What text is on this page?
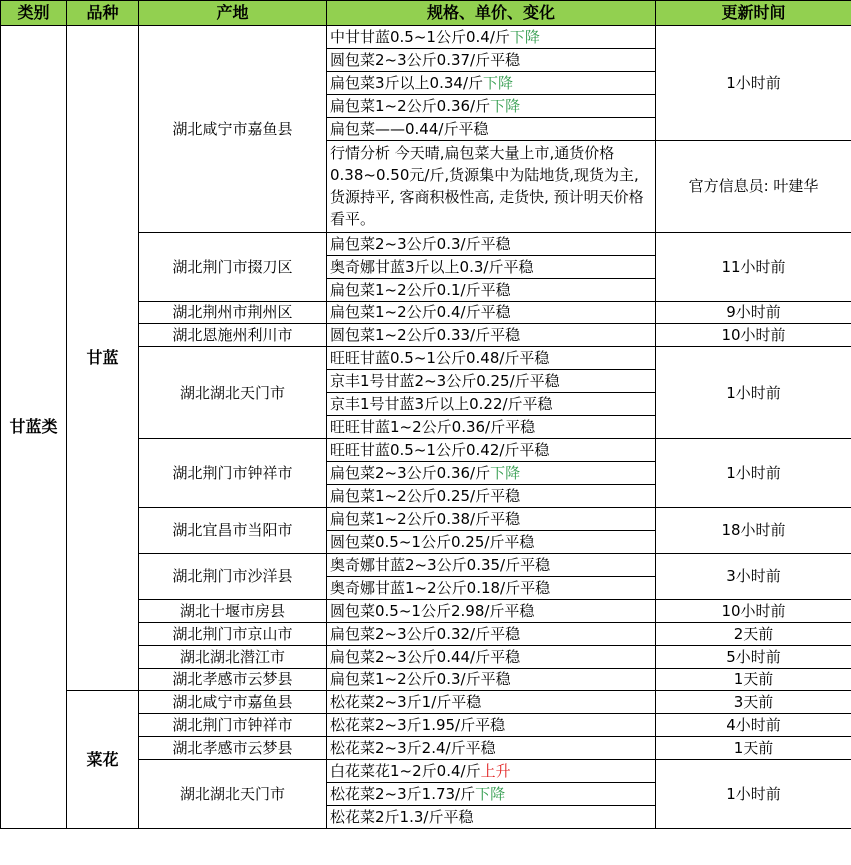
类别	品种	产地	规格、单价、变化	更新时间
甘蓝类	甘蓝	湖北咸宁市嘉鱼县	中甘甘蓝0.5~1公斤0.4/斤下降	1小时前
			圆包菜2~3公斤0.37/斤平稳	
			扁包菜3斤以上0.34/斤下降	
			扁包菜1~2公斤0.36/斤下降	
			扁包菜——0.44/斤平稳	
			行情分析 今天晴,扁包菜大量上市,通货价格0.38~0.50元/斤,货源集中为陆地货,现货为主, 货源持平, 客商积极性高, 走货快, 预计明天价格看平。	官方信息员: 叶建华
		湖北荆门市掇刀区	扁包菜2~3公斤0.3/斤平稳	11小时前
			奥奇娜甘蓝3斤以上0.3/斤平稳	
			扁包菜1~2公斤0.1/斤平稳	
		湖北荆州市荆州区	扁包菜1~2公斤0.4/斤平稳	9小时前
		湖北恩施州利川市	圆包菜1~2公斤0.33/斤平稳	10小时前
		湖北湖北天门市	旺旺甘蓝0.5~1公斤0.48/斤平稳	1小时前
			京丰1号甘蓝2~3公斤0.25/斤平稳	
			京丰1号甘蓝3斤以上0.22/斤平稳	
			旺旺甘蓝1~2公斤0.36/斤平稳	
		湖北荆门市钟祥市	旺旺甘蓝0.5~1公斤0.42/斤平稳	1小时前
			扁包菜2~3公斤0.36/斤下降	
			扁包菜1~2公斤0.25/斤平稳	
		湖北宜昌市当阳市	扁包菜1~2公斤0.38/斤平稳	18小时前
			圆包菜0.5~1公斤0.25/斤平稳	
		湖北荆门市沙洋县	奥奇娜甘蓝2~3公斤0.35/斤平稳	3小时前
			奥奇娜甘蓝1~2公斤0.18/斤平稳	
		湖北十堰市房县	圆包菜0.5~1公斤2.98/斤平稳	10小时前
		湖北荆门市京山市	扁包菜2~3公斤0.32/斤平稳	2天前
		湖北湖北潜江市	扁包菜2~3公斤0.44/斤平稳	5小时前
		湖北孝感市云梦县	扁包菜1~2公斤0.3/斤平稳	1天前
	菜花	湖北咸宁市嘉鱼县	松花菜2~3斤1/斤平稳	3天前
		湖北荆门市钟祥市	松花菜2~3斤1.95/斤平稳	4小时前
		湖北孝感市云梦县	松花菜2~3斤2.4/斤平稳	1天前
		湖北湖北天门市	白花菜花1~2斤0.4/斤上升	1小时前
			松花菜2~3斤1.73/斤下降	
			松花菜2斤1.3/斤平稳	
